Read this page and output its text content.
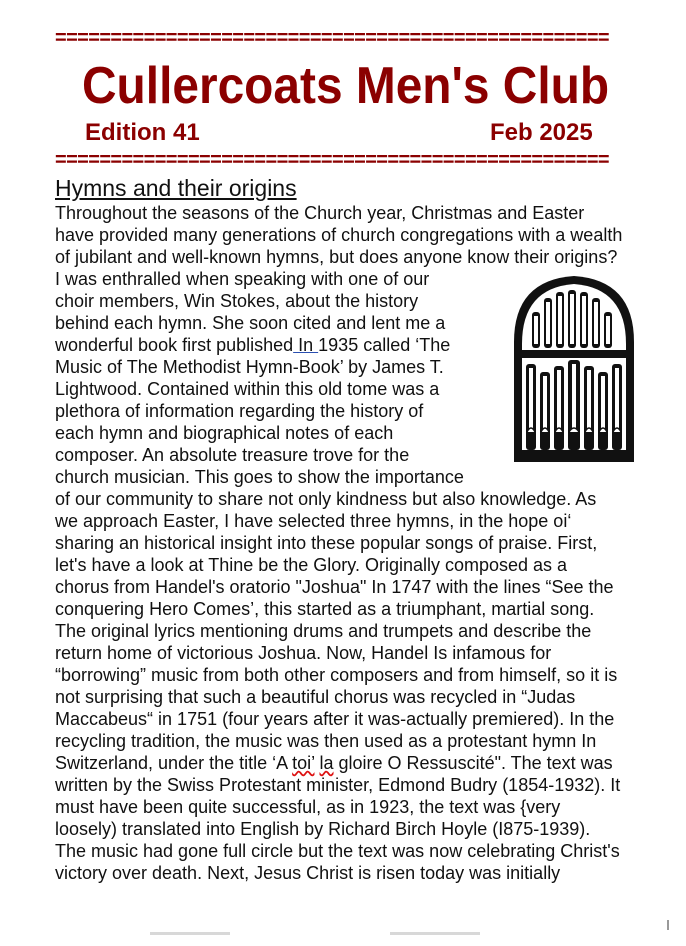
==================================================
Cullercoats Men's Club
Edition 41	Feb 2025
==================================================
Hymns and their origins
Throughout the seasons of the Church year, Christmas and Easter
have provided many generations of church congregations with a wealth
of jubilant and well-known hymns, but does anyone know their origins?
I was enthralled when speaking with one of our
choir members, Win Stokes, about the history
behind each hymn. She soon cited and lent me a
wonderful book first published In 1935 called ‘The
Music of The Methodist Hymn-Book’ by James T.
Lightwood. Contained within this old tome was a
plethora of information regarding the history of
each hymn and biographical notes of each
composer. An absolute treasure trove for the
church musician. This goes to show the importance
of our community to share not only kindness but also knowledge. As
we approach Easter, I have selected three hymns, in the hope oi‘
sharing an historical insight into these popular songs of praise. First,
let's have a look at Thine be the Glory. Originally composed as a
chorus from Handel's oratorio "Joshua" In 1747 with the lines “See the
conquering Hero Comes’, this started as a triumphant, martial song.
The original lyrics mentioning drums and trumpets and describe the
return home of victorious Joshua. Now, Handel Is infamous for
“borrowing” music from both other composers and from himself, so it is
not surprising that such a beautiful chorus was recycled in “Judas
Maccabeus“ in 1751 (four years after it was-actually premiered). In the
recycling tradition, the music was then used as a protestant hymn In
Switzerland, under the title ‘A toi’ la gloire O Ressuscité". The text was
written by the Swiss Protestant minister, Edmond Budry (1854-1932). It
must have been quite successful, as in 1923, the text was {very
loosely) translated into English by Richard Birch Hoyle (I875-1939).
The music had gone full circle but the text was now celebrating Christ's
victory over death. Next, Jesus Christ is risen today was initially
